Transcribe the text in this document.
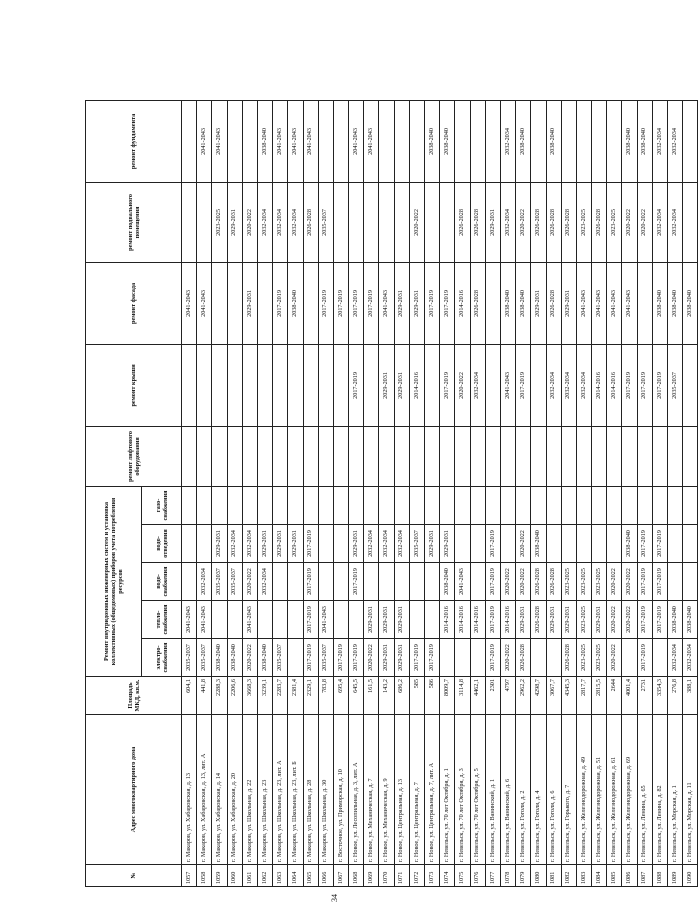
34
№	Адрес многоквартирного дома	Площадь МКД, кв.м.	Ремонт внутридомовых инженерных систем и установка коллективных (общедомовых) приборов учета потребления ресурсов					ремонт лифтового оборудования	ремонт крыши	ремонт фасада	ремонт подвального помещения	ремонт фундамента
			электро-снабжения	тепло-снабжения	водо-снабжения	водо-отведения	газо-снабжения					
1057	г. Макаров, ул. Хабаровская, д. 13	604,1	2035-2037	2041-2043						2041-2043		
1058	г. Макаров, ул. Хабаровская, д. 13, лит. А	441,8	2035-2037	2041-2043	2032-2034					2041-2043		2041-2043
1059	г. Макаров, ул. Хабаровская, д. 14	2288,3	2038-2040		2035-2037	2029-2031					2023-2025	2041-2043
1060	г. Макаров, ул. Хабаровская, д. 20	2206,6	2038-2040		2035-2037	2032-2034					2029-2031	
1061	г. Макаров, ул. Школьная, д. 22	3668,3	2020-2022	2041-2043	2020-2022	2032-2034				2029-2031	2020-2022	
1062	г. Макаров, ул. Школьная, д. 23	3239,1	2038-2040		2032-2034	2029-2031					2032-2034	2038-2040
1063	г. Макаров, ул. Школьная, д. 23, лит. А	2283,7	2035-2037			2029-2031				2017-2019	2032-2034	2041-2043
1064	г. Макаров, ул. Школьная, д. 23, лит. Б	2381,4				2029-2031				2038-2040	2032-2034	2041-2043
1065	г. Макаров, ул. Школьная, д. 28	2329,1	2017-2019	2017-2019	2017-2019	2017-2019					2026-2028	2041-2043
1066	г. Макаров, ул. Школьная, д. 30	783,8	2035-2037	2041-2043						2017-2019	2035-2037	
1067	г. Восточное, ул. Приморская, д. 10	695,4	2017-2019							2017-2019		
1068	г. Новое, ул. Лесопильная, д. 3, лит. А	645,5	2017-2019		2017-2019	2029-2031			2017-2019	2017-2019		2041-2043
1069	г. Новое, ул. Механическая, д. 7	161,5	2020-2022	2029-2031		2032-2034				2017-2019		2041-2043
1070	г. Новое, ул. Механическая, д. 9	143,2	2029-2031	2029-2031		2032-2034			2029-2031	2041-2043		
1071	г. Новое, ул. Центральная, д. 13	686,2	2029-2031	2029-2031		2032-2034			2029-2031	2029-2031		
1072	г. Новое, ул. Центральная, д. 7	585	2017-2019			2035-2037			2014-2016	2029-2031	2020-2022	
1073	г. Новое, ул. Центральная, д. 7, лит. А	586	2017-2019			2029-2031				2017-2019		2038-2040
1074	г. Невельск, ул. 70 лет Октября, д. 1	8009,7		2014-2016	2038-2040	2029-2031			2017-2019	2017-2019		2038-2040
1075	г. Невельск, ул. 70 лет Октября, д. 3	3114,8		2014-2016	2041-2043				2020-2022	2014-2016	2026-2028	
1076	г. Невельск, ул. 70 лет Октября, д. 5	4462,1		2014-2016					2032-2034	2026-2028	2026-2028	
1077	г. Невельск, ул. Ванинский, д. 1	2301	2017-2019	2017-2019	2017-2019	2017-2019					2029-2031	
1078	г. Невельск, ул. Ванинский, д. 6	4797	2020-2022	2014-2016	2020-2022				2041-2043	2038-2040	2032-2034	2032-2034
1079	г. Невельск, ул. Гоголя, д. 2	2962,2	2026-2028	2029-2031	2020-2022	2020-2022			2017-2019	2038-2040	2020-2022	2038-2040
1080	г. Невельск, ул. Гоголя, д. 4	4298,7		2026-2028	2026-2028	2038-2040				2029-2031	2026-2028	
1081	г. Невельск, ул. Гоголя, д. 6	3067,7		2029-2031	2026-2028				2032-2034	2026-2028	2026-2028	2038-2040
1082	г. Невельск, ул. Горького, д. 7	4345,3	2026-2028	2029-2031	2023-2025				2032-2034	2029-2031	2026-2028	
1083	г. Невельск, ул. Железнодорожная, д. 49	2817,7	2023-2025	2023-2025	2023-2025				2032-2034	2041-2043	2023-2025	
1084	г. Невельск, ул. Железнодорожная, д. 51	2815,5	2023-2025	2029-2031	2023-2025				2014-2016	2041-2043	2026-2028	
1085	г. Невельск, ул. Железнодорожная, д. 61	2644	2020-2022	2020-2022	2020-2022				2014-2016	2041-2043	2023-2025	
1086	г. Невельск, ул. Железнодорожная, д. 69	4001,4		2020-2022	2020-2022	2038-2040			2017-2019	2041-2043	2020-2022	2038-2040
1087	г. Невельск, ул. Ленина, д. 65	2731	2017-2019	2017-2019	2017-2019	2017-2019			2017-2019		2020-2022	2038-2040
1088	г. Невельск, ул. Ленина, д. 82	3354,3		2017-2019	2017-2019	2017-2019			2017-2019	2038-2040	2032-2034	2032-2034
1089	г. Невельск, ул. Морская, д. 1	276,8	2032-2034	2038-2040					2035-2037	2038-2040	2032-2034	2032-2034
1090	г. Невельск, ул. Морская, д. 11	388,1	2032-2034	2038-2040						2038-2040		
